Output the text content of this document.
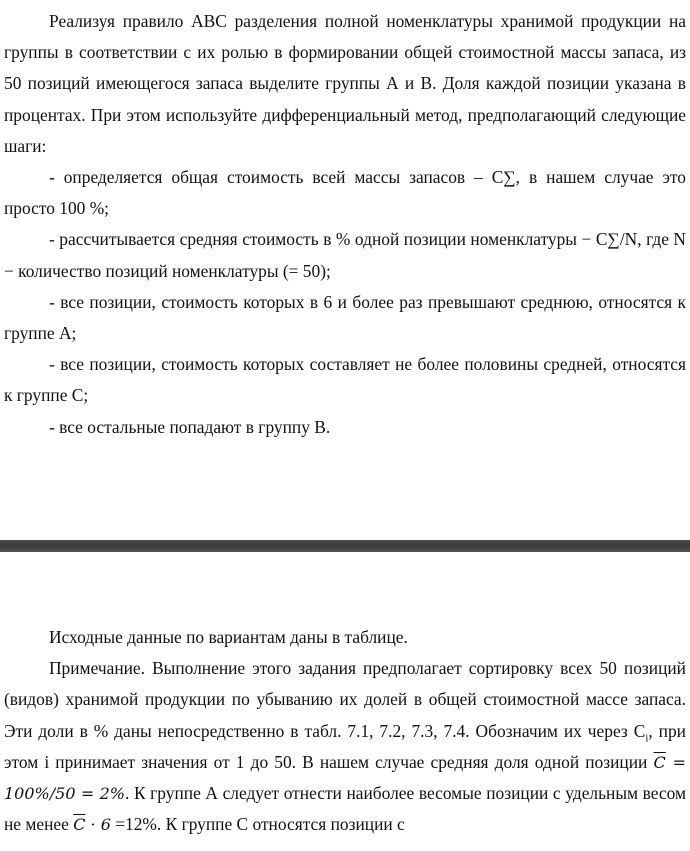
Реализуя правило АВС разделения полной номенклатуры хранимой продукции на группы в соответствии с их ролью в формировании общей стоимостной массы запаса, из 50 позиций имеющегося запаса выделите группы А и В. Доля каждой позиции указана в процентах. При этом используйте дифференциальный метод, предполагающий следующие шаги:

- определяется общая стоимость всей массы запасов – С∑, в нашем случае это просто 100 %;

- рассчитывается средняя стоимость в % одной позиции номенклатуры − С∑/N, где N − количество позиций номенклатуры (= 50);

- все позиции, стоимость которых в 6 и более раз превышают среднюю, относятся к группе А;

- все позиции, стоимость которых составляет не более половины средней, относятся к группе С;

- все остальные попадают в группу В.

Исходные данные по вариантам даны в таблице.

Примечание. Выполнение этого задания предполагает сортировку всех 50 позиций (видов) хранимой продукции по убыванию их долей в общей стоимостной массе запаса. Эти доли в % даны непосредственно в табл. 7.1, 7.2, 7.3, 7.4. Обозначим их через $C_i$, при этом i принимает значения от 1 до 50. В нашем случае средняя доля одной позиции $\overline{C} = 100\%/50 = 2\%$. К группе А следует отнести наиболее весомые позиции с удельным весом не менее $\overline{C} \cdot 6 =12\%$. К группе С относятся позиции с
